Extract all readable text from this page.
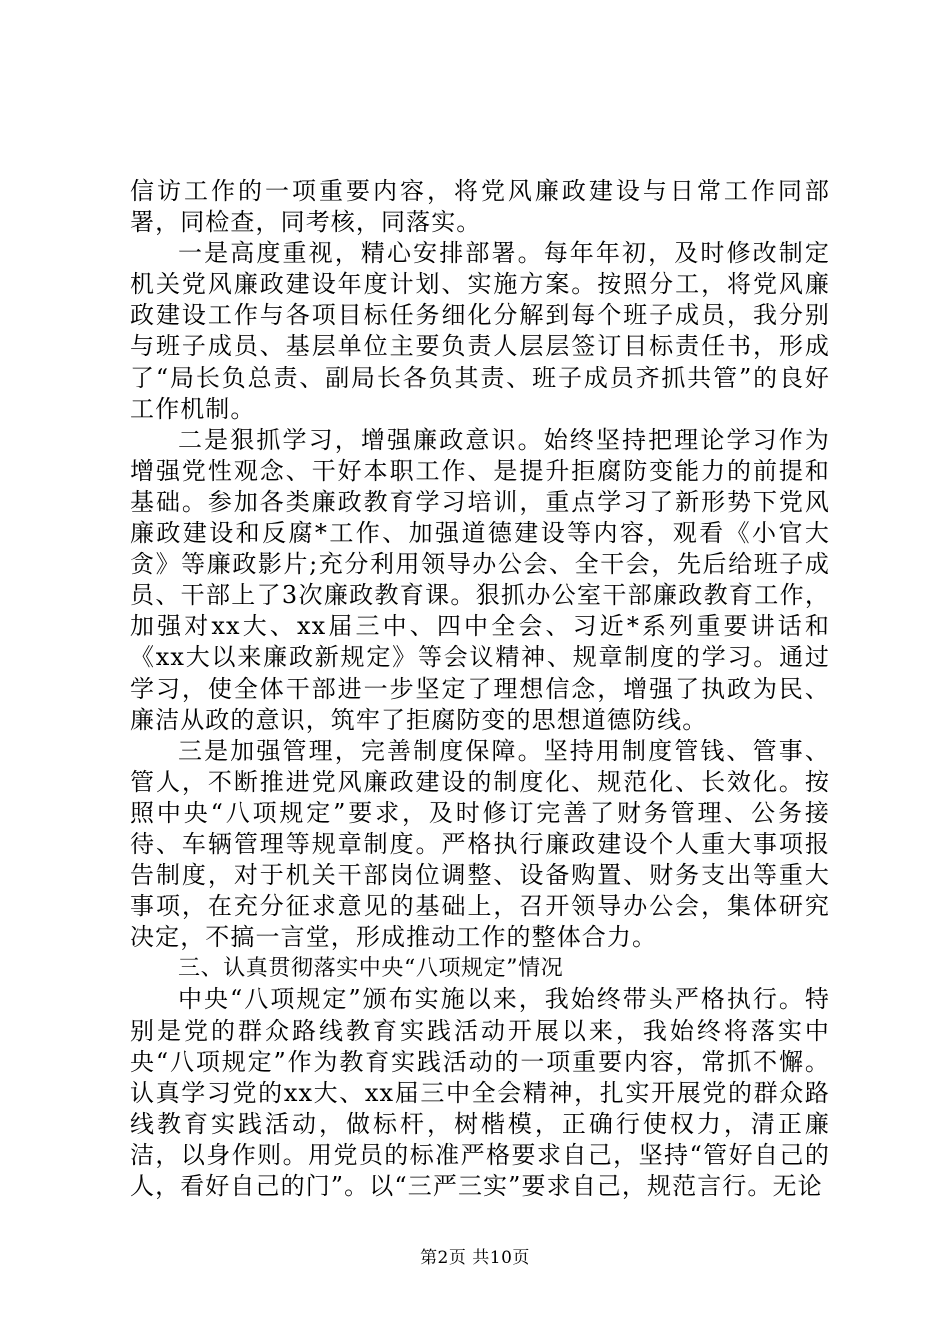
信访工作的一项重要内容，将党风廉政建设与日常工作同部署，同检查，同考核，同落实。

一是高度重视，精心安排部署。每年年初，及时修改制定机关党风廉政建设年度计划、实施方案。按照分工，将党风廉政建设工作与各项目标任务细化分解到每个班子成员，我分别与班子成员、基层单位主要负责人层层签订目标责任书，形成了“局长负总责、副局长各负其责、班子成员齐抓共管”的良好工作机制。

二是狠抓学习，增强廉政意识。始终坚持把理论学习作为增强党性观念、干好本职工作、是提升拒腐防变能力的前提和基础。参加各类廉政教育学习培训，重点学习了新形势下党风廉政建设和反腐*工作、加强道德建设等内容，观看《小官大贪》等廉政影片;充分利用领导办公会、全干会，先后给班子成员、干部上了3次廉政教育课。狠抓办公室干部廉政教育工作，加强对xx大、xx届三中、四中全会、习近*系列重要讲话和《xx大以来廉政新规定》等会议精神、规章制度的学习。通过学习，使全体干部进一步坚定了理想信念，增强了执政为民、廉洁从政的意识，筑牢了拒腐防变的思想道德防线。

三是加强管理，完善制度保障。坚持用制度管钱、管事、管人，不断推进党风廉政建设的制度化、规范化、长效化。按照中央“八项规定”要求，及时修订完善了财务管理、公务接待、车辆管理等规章制度。严格执行廉政建设个人重大事项报告制度，对于机关干部岗位调整、设备购置、财务支出等重大事项，在充分征求意见的基础上，召开领导办公会，集体研究决定，不搞一言堂，形成推动工作的整体合力。

三、认真贯彻落实中央“八项规定”情况

中央“八项规定”颁布实施以来，我始终带头严格执行。特别是党的群众路线教育实践活动开展以来，我始终将落实中央“八项规定”作为教育实践活动的一项重要内容，常抓不懈。认真学习党的xx大、xx届三中全会精神，扎实开展党的群众路线教育实践活动，做标杆，树楷模，正确行使权力，清正廉洁，以身作则。用党员的标准严格要求自己，坚持“管好自己的人，看好自己的门”。以“三严三实”要求自己，规范言行。无论

第2页 共10页
